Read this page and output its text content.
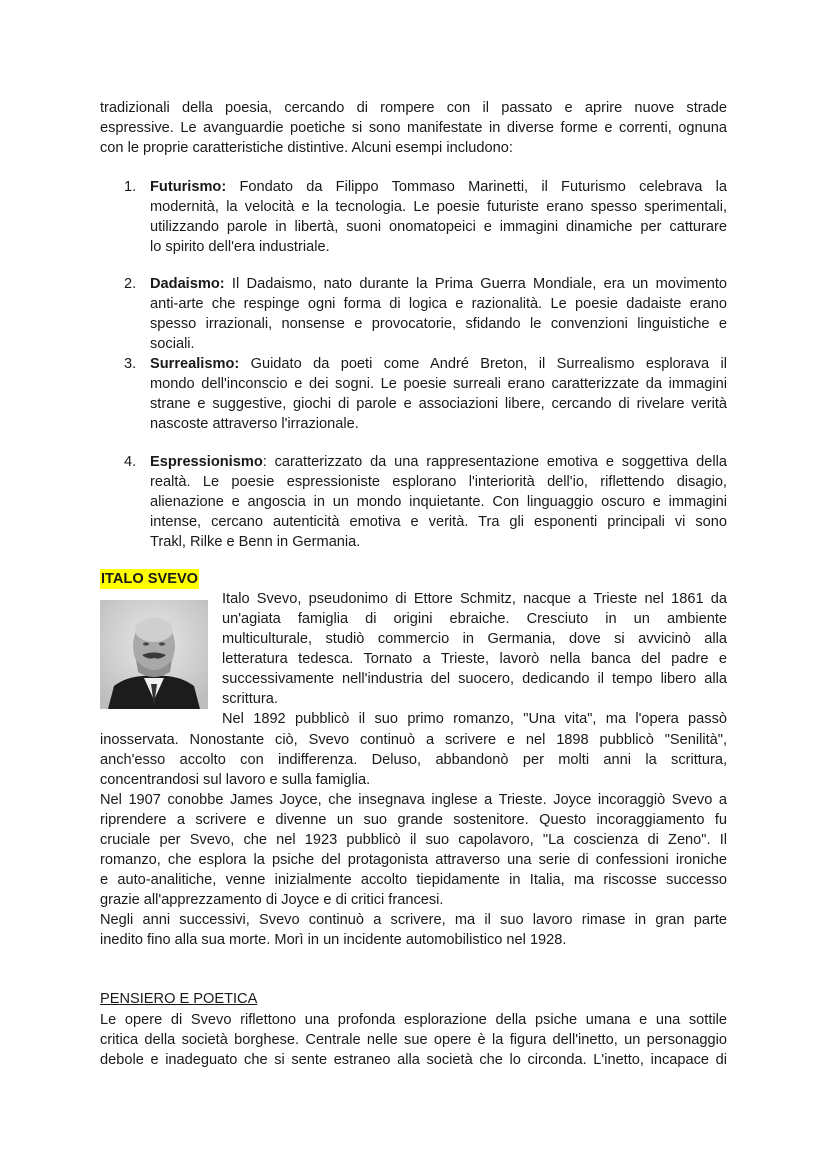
tradizionali della poesia, cercando di rompere con il passato e aprire nuove strade
espressive. Le avanguardie poetiche si sono manifestate in diverse forme e correnti, ognuna
con le proprie caratteristiche distintive. Alcuni esempi includono:
1. Futurismo: Fondato da Filippo Tommaso Marinetti, il Futurismo celebrava la
modernità, la velocità e la tecnologia. Le poesie futuriste erano spesso sperimentali,
utilizzando parole in libertà, suoni onomatopeici e immagini dinamiche per catturare
lo spirito dell'era industriale.
2. Dadaismo: Il Dadaismo, nato durante la Prima Guerra Mondiale, era un movimento
anti-arte che respinge ogni forma di logica e razionalità. Le poesie dadaiste erano
spesso irrazionali, nonsense e provocatorie, sfidando le convenzioni linguistiche e
sociali.
3. Surrealismo: Guidato da poeti come André Breton, il Surrealismo esplorava il
mondo dell'inconscio e dei sogni. Le poesie surreali erano caratterizzate da immagini
strane e suggestive, giochi di parole e associazioni libere, cercando di rivelare verità
nascoste attraverso l'irrazionale.
4. Espressionismo: caratterizzato da una rappresentazione emotiva e soggettiva della
realtà. Le poesie espressioniste esplorano l'interiorità dell'io, riflettendo disagio,
alienazione e angoscia in un mondo inquietante. Con linguaggio oscuro e immagini
intense, cercano autenticità emotiva e verità. Tra gli esponenti principali vi sono
Trakl, Rilke e Benn in Germania.
ITALO SVEVO
Italo Svevo, pseudonimo di Ettore Schmitz, nacque a Trieste nel 1861 da
un'agiata famiglia di origini ebraiche. Cresciuto in un ambiente
multiculturale, studiò commercio in Germania, dove si avvicinò alla
letteratura tedesca. Tornato a Trieste, lavorò nella banca del padre e
successivamente nell'industria del suocero, dedicando il tempo libero alla
scrittura.
Nel 1892 pubblicò il suo primo romanzo, "Una vita", ma l'opera passò
inosservata. Nonostante ciò, Svevo continuò a scrivere e nel 1898 pubblicò "Senilità",
anch'esso accolto con indifferenza. Deluso, abbandonò per molti anni la scrittura,
concentrandosi sul lavoro e sulla famiglia.
Nel 1907 conobbe James Joyce, che insegnava inglese a Trieste. Joyce incoraggiò Svevo a
riprendere a scrivere e divenne un suo grande sostenitore. Questo incoraggiamento fu
cruciale per Svevo, che nel 1923 pubblicò il suo capolavoro, "La coscienza di Zeno". Il
romanzo, che esplora la psiche del protagonista attraverso una serie di confessioni ironiche
e auto-analitiche, venne inizialmente accolto tiepidamente in Italia, ma riscosse successo
grazie all'apprezzamento di Joyce e di critici francesi.
Negli anni successivi, Svevo continuò a scrivere, ma il suo lavoro rimase in gran parte
inedito fino alla sua morte. Morì in un incidente automobilistico nel 1928.
PENSIERO E POETICA
Le opere di Svevo riflettono una profonda esplorazione della psiche umana e una sottile
critica della società borghese. Centrale nelle sue opere è la figura dell'inetto, un personaggio
debole e inadeguato che si sente estraneo alla società che lo circonda. L'inetto, incapace di
